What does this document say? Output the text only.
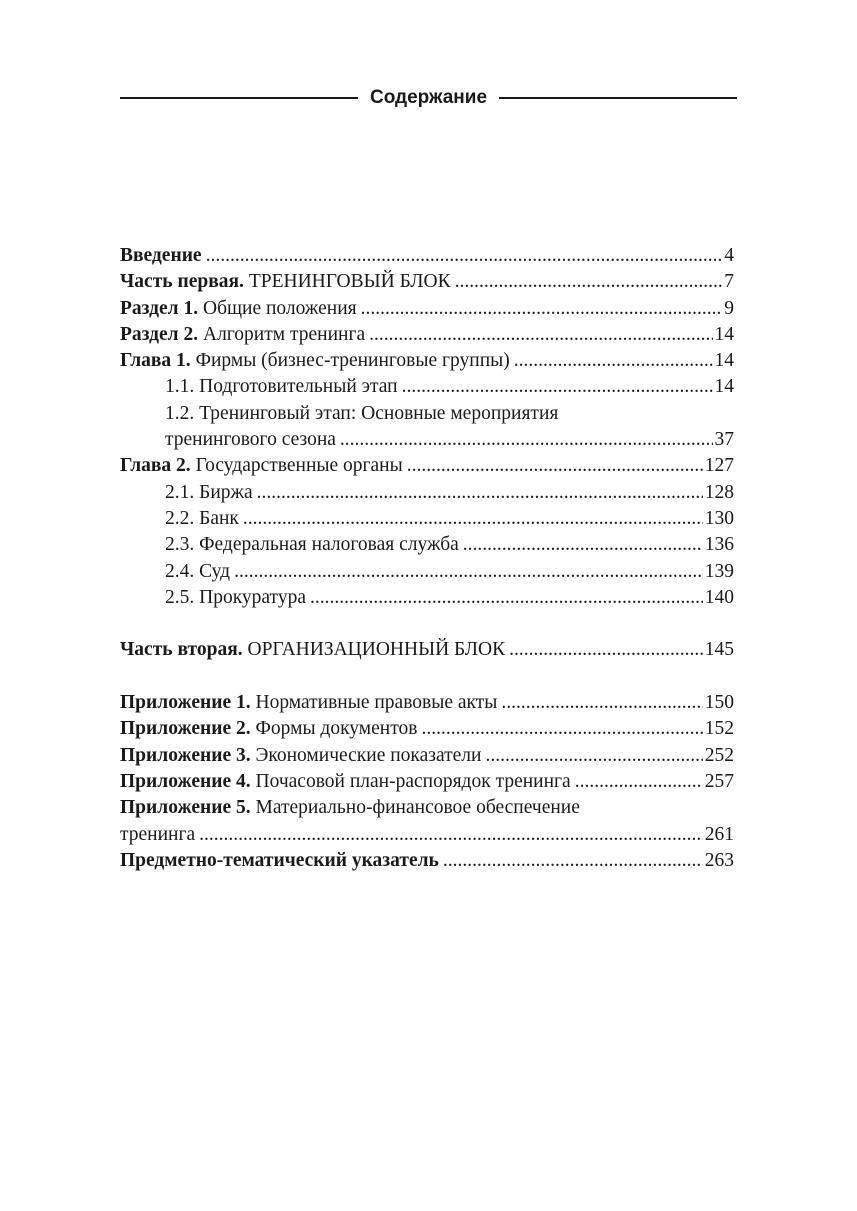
Содержание
Введение .....	4
Часть первая. ТРЕНИНГОВЫЙ БЛОК .....	7
Раздел 1. Общие положения .....	9
Раздел 2. Алгоритм тренинга .....	14
Глава 1. Фирмы (бизнес-тренинговые группы) .....	14
1.1. Подготовительный этап .....	14
1.2. Тренинговый этап: Основные мероприятия
тренингового сезона .....	37
Глава 2. Государственные органы .....	127
2.1. Биржа .....	128
2.2. Банк .....	130
2.3. Федеральная налоговая служба .....	136
2.4. Суд .....	139
2.5. Прокуратура .....	140
Часть вторая. ОРГАНИЗАЦИОННЫЙ БЛОК .....	145
Приложение 1. Нормативные правовые акты .....	150
Приложение 2. Формы документов .....	152
Приложение 3. Экономические показатели .....	252
Приложение 4. Почасовой план-распорядок тренинга .....	257
Приложение 5. Материально-финансовое обеспечение
тренинга .....	261
Предметно-тематический указатель .....	263
